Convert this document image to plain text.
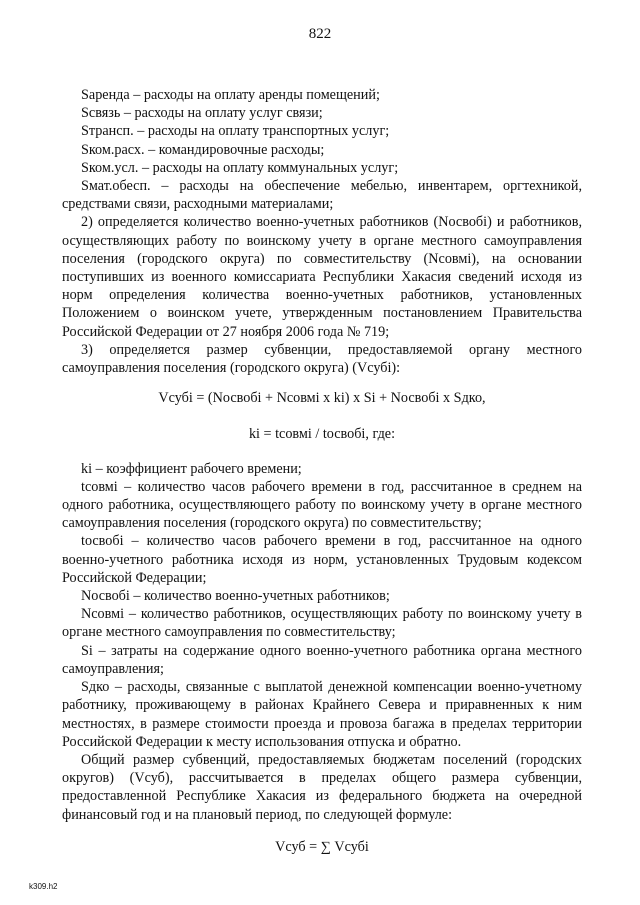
822

Sаренда – расходы на оплату аренды помещений;

Sсвязь – расходы на оплату услуг связи;

Sтрансп. – расходы на оплату транспортных услуг;

Sком.расх. – командировочные расходы;

Sком.усл. – расходы на оплату коммунальных услуг;

Sмат.обесп. – расходы на обеспечение мебелью, инвентарем, оргтехникой, средствами связи, расходными материалами;

2) определяется количество военно-учетных работников (Nосвобi) и работников, осуществляющих работу по воинскому учету в органе местного самоуправления поселения (городского округа) по совместительству (Nсовмi), на основании поступивших из военного комиссариата Республики Хакасия сведений исходя из норм определения количества военно-учетных работников, установленных Положением о воинском учете, утвержденным постановлением Правительства Российской Федерации от 27 ноября 2006 года № 719;

3) определяется размер субвенции, предоставляемой органу местного самоуправления поселения (городского округа) (Vсубi):

Vсубi = (Nосвобi + Nсовмi x ki) x Si + Nосвобi x Sдко,

ki = tсовмi / tосвобi, где:

ki – коэффициент рабочего времени;

tсовмi – количество часов рабочего времени в год, рассчитанное в среднем на одного работника, осуществляющего работу по воинскому учету в органе местного самоуправления поселения (городского округа) по совместительству;

tосвобi – количество часов рабочего времени в год, рассчитанное на одного военно-учетного работника исходя из норм, установленных Трудовым кодексом Российской Федерации;

Nосвобi – количество военно-учетных работников;

Nсовмi – количество работников, осуществляющих работу по воинскому учету в органе местного самоуправления по совместительству;

Si – затраты на содержание одного военно-учетного работника органа местного самоуправления;

Sдко – расходы, связанные с выплатой денежной компенсации военно-учетному работнику, проживающему в районах Крайнего Севера и приравненных к ним местностях, в размере стоимости проезда и провоза багажа в пределах территории Российской Федерации к месту использования отпуска и обратно.

Общий размер субвенций, предоставляемых бюджетам поселений (городских округов) (Vсуб), рассчитывается в пределах общего размера субвенции, предоставленной Республике Хакасия из федерального бюджета на очередной финансовый год и на плановый период, по следующей формуле:

Vсуб = ∑ Vсубi

k309.h2
